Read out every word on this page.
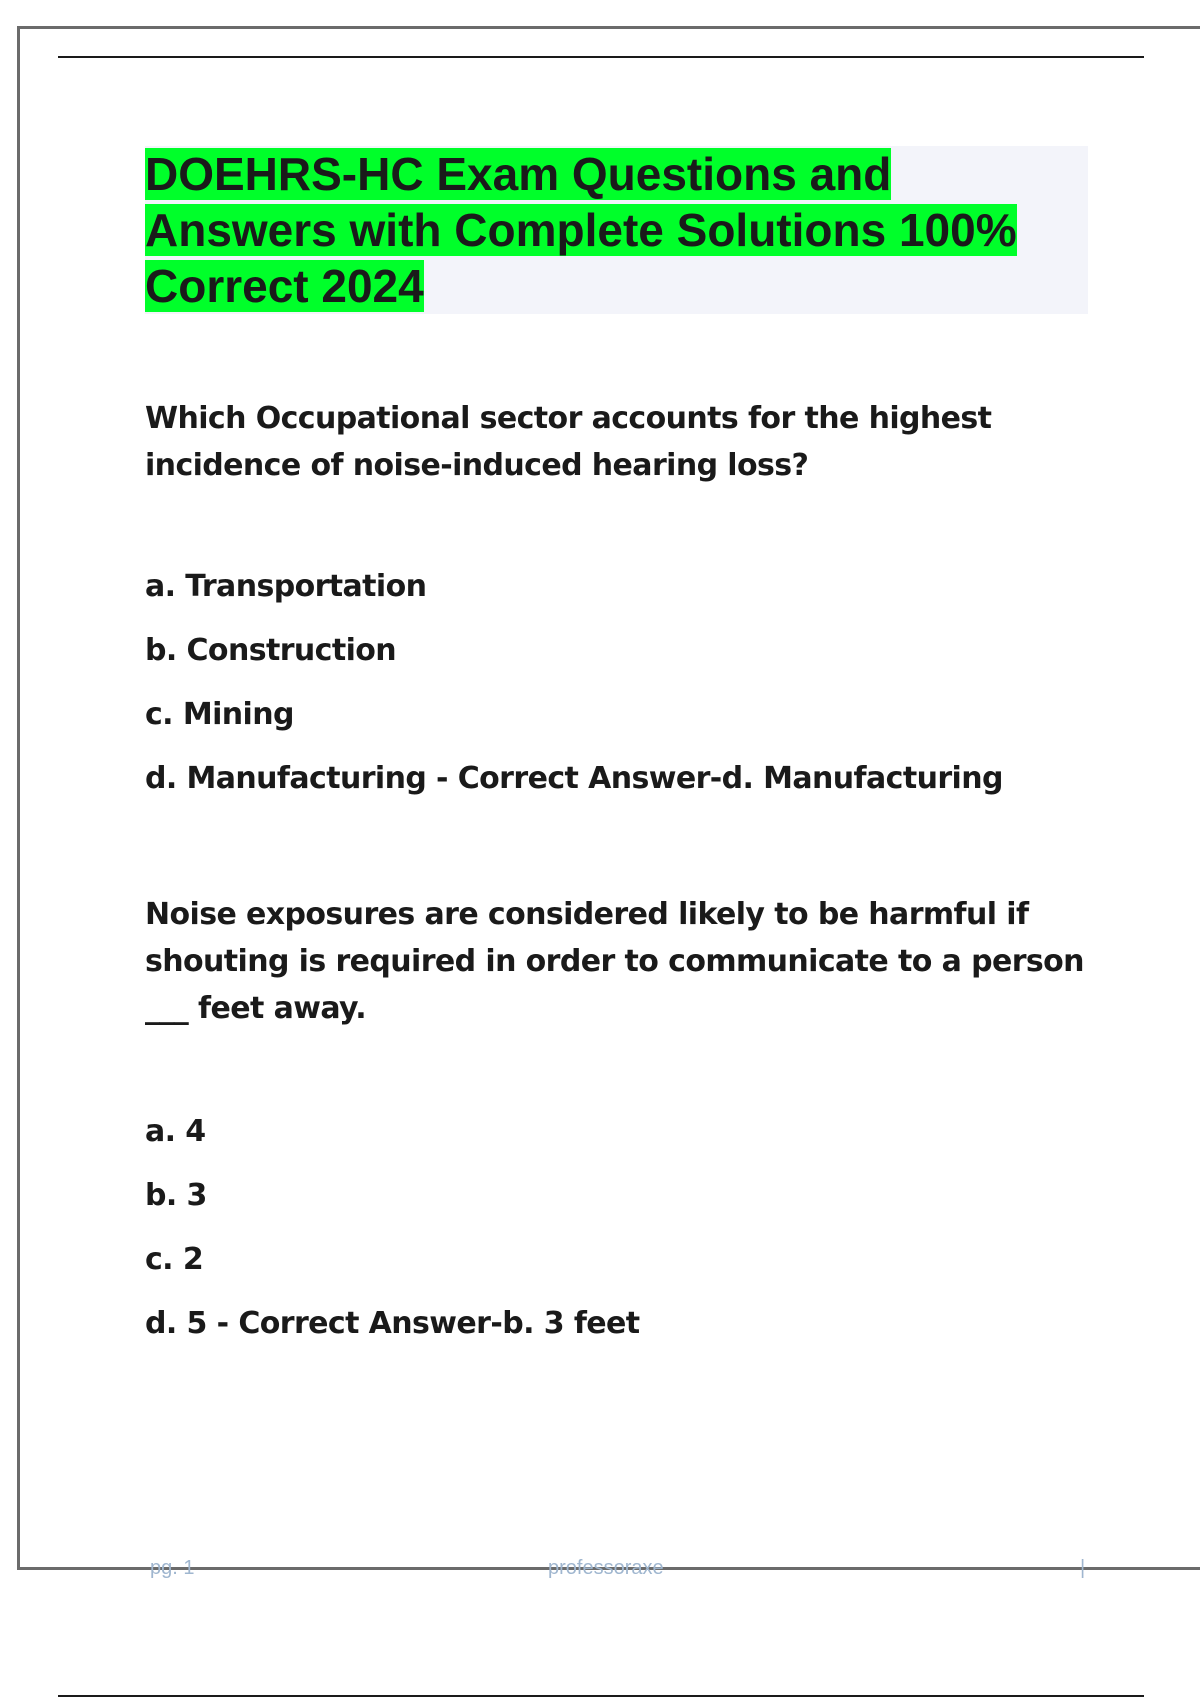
DOEHRS-HC Exam Questions and
Answers with Complete Solutions 100%
Correct 2024

Which Occupational sector accounts for the highest incidence of noise-induced hearing loss?

a. Transportation
b. Construction
c. Mining
d. Manufacturing - Correct Answer-d. Manufacturing

Noise exposures are considered likely to be harmful if shouting is required in order to communicate to a person ___ feet away.

a. 4
b. 3
c. 2
d. 5 - Correct Answer-b. 3 feet
pg. 1	professoraxe	|
